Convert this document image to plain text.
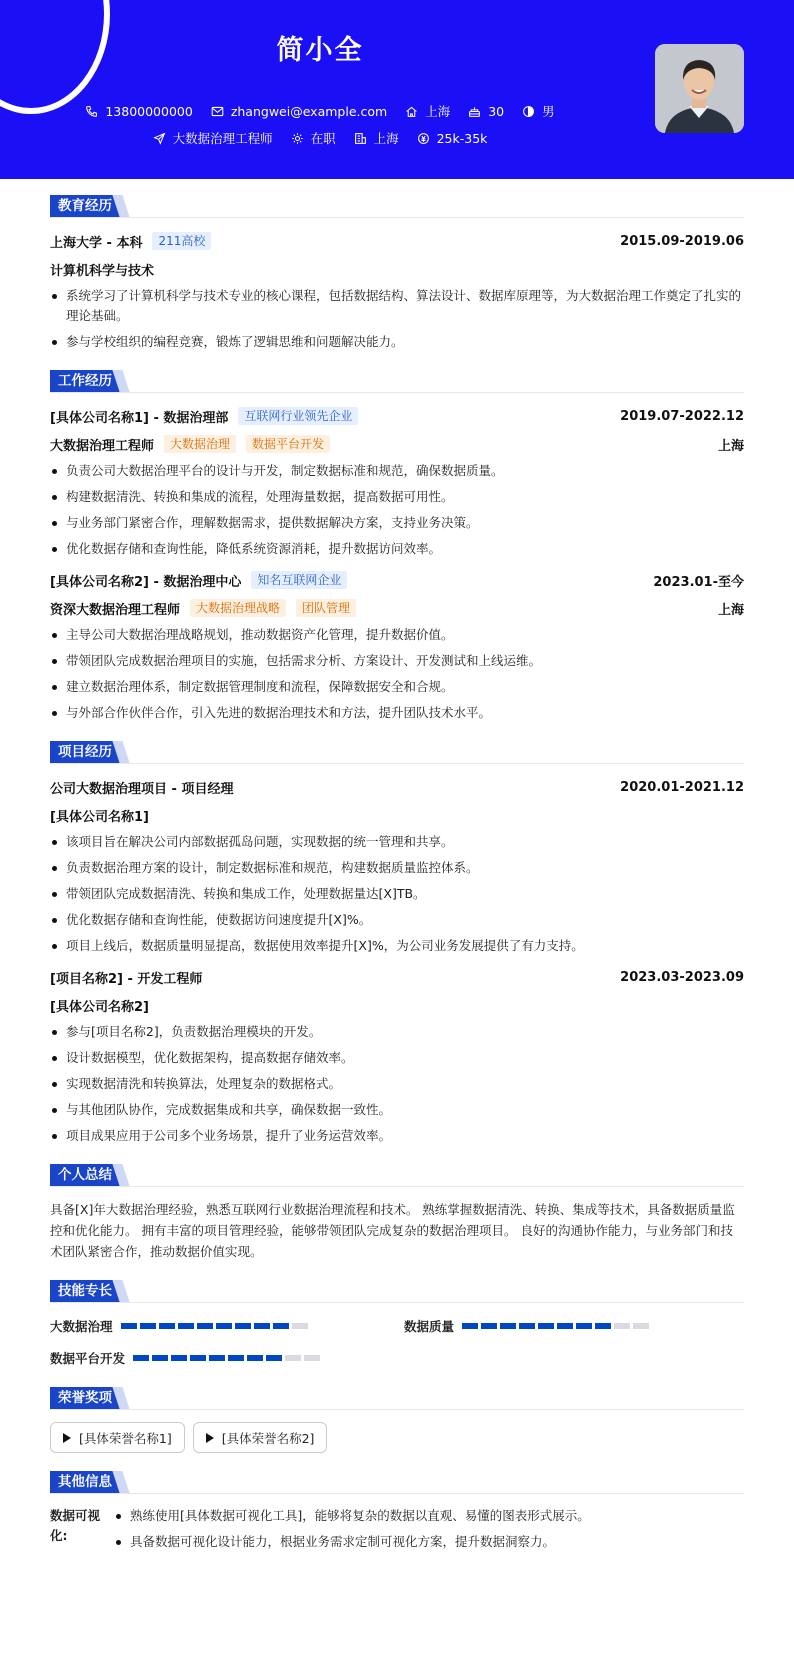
简小全
13800000000	zhangwei@example.com	上海	30	男
大数据治理工程师	在职	上海	25k-35k
教育经历
上海大学 - 本科	211高校	2015.09-2019.06
计算机科学与技术
系统学习了计算机科学与技术专业的核心课程，包括数据结构、算法设计、数据库原理等，为大数据治理工作奠定了扎实的理论基础。
参与学校组织的编程竞赛，锻炼了逻辑思维和问题解决能力。
工作经历
[具体公司名称1] - 数据治理部	互联网行业领先企业	2019.07-2022.12
大数据治理工程师	大数据治理	数据平台开发	上海
负责公司大数据治理平台的设计与开发，制定数据标准和规范，确保数据质量。
构建数据清洗、转换和集成的流程，处理海量数据，提高数据可用性。
与业务部门紧密合作，理解数据需求，提供数据解决方案，支持业务决策。
优化数据存储和查询性能，降低系统资源消耗，提升数据访问效率。
[具体公司名称2] - 数据治理中心	知名互联网企业	2023.01-至今
资深大数据治理工程师	大数据治理战略	团队管理	上海
主导公司大数据治理战略规划，推动数据资产化管理，提升数据价值。
带领团队完成数据治理项目的实施，包括需求分析、方案设计、开发测试和上线运维。
建立数据治理体系，制定数据管理制度和流程，保障数据安全和合规。
与外部合作伙伴合作，引入先进的数据治理技术和方法，提升团队技术水平。
项目经历
公司大数据治理项目 - 项目经理	2020.01-2021.12
[具体公司名称1]
该项目旨在解决公司内部数据孤岛问题，实现数据的统一管理和共享。
负责数据治理方案的设计，制定数据标准和规范，构建数据质量监控体系。
带领团队完成数据清洗、转换和集成工作，处理数据量达[X]TB。
优化数据存储和查询性能，使数据访问速度提升[X]%。
项目上线后，数据质量明显提高，数据使用效率提升[X]%，为公司业务发展提供了有力支持。
[项目名称2] - 开发工程师	2023.03-2023.09
[具体公司名称2]
参与[项目名称2]，负责数据治理模块的开发。
设计数据模型，优化数据架构，提高数据存储效率。
实现数据清洗和转换算法，处理复杂的数据格式。
与其他团队协作，完成数据集成和共享，确保数据一致性。
项目成果应用于公司多个业务场景，提升了业务运营效率。
个人总结

具备[X]年大数据治理经验，熟悉互联网行业数据治理流程和技术。 熟练掌握数据清洗、转换、集成等技术，具备数据质量监控和优化能力。 拥有丰富的项目管理经验，能够带领团队完成复杂的数据治理项目。 良好的沟通协作能力，与业务部门和技术团队紧密合作，推动数据价值实现。

技能专长
大数据治理	数据质量
数据平台开发
荣誉奖项
[具体荣誉名称1]	[具体荣誉名称2]
其他信息
数据可视化:
熟练使用[具体数据可视化工具]，能够将复杂的数据以直观、易懂的图表形式展示。
具备数据可视化设计能力，根据业务需求定制可视化方案，提升数据洞察力。
